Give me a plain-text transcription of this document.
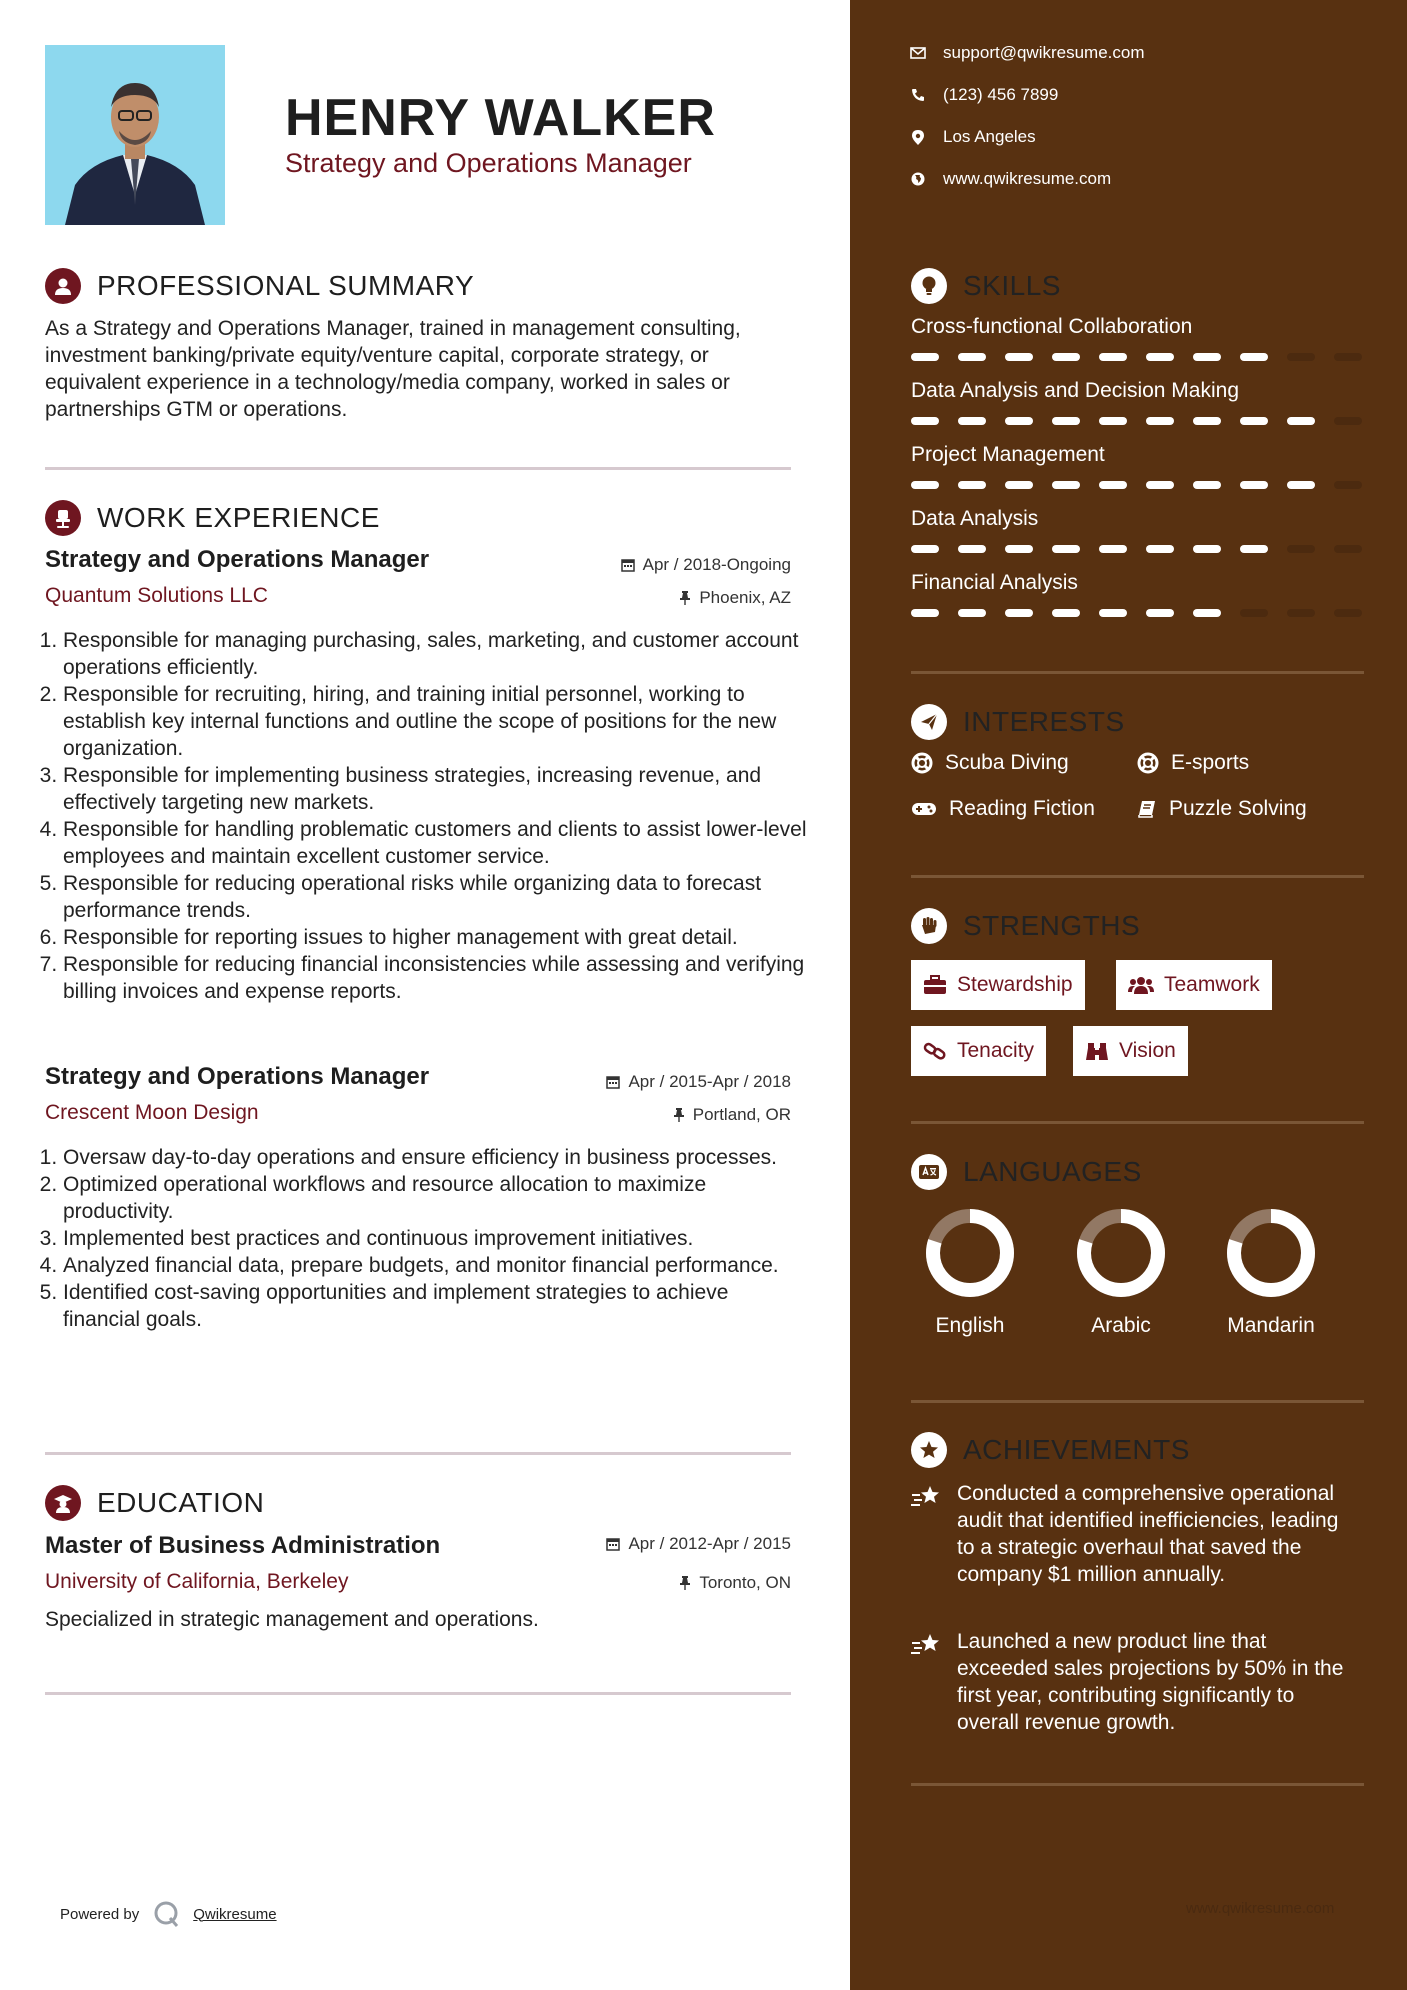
HENRY WALKER

Strategy and Operations Manager

PROFESSIONAL SUMMARY

As a Strategy and Operations Manager, trained in management consulting, investment banking/private equity/venture capital, corporate strategy, or equivalent experience in a technology/media company, worked in sales or partnerships GTM or operations.

WORK EXPERIENCE
Strategy and Operations Manager	Apr / 2018-Ongoing

Quantum Solutions LLC	Phoenix, AZ
1. Responsible for managing purchasing, sales, marketing, and customer account operations efficiently.
2. Responsible for recruiting, hiring, and training initial personnel, working to establish key internal functions and outline the scope of positions for the new organization.
3. Responsible for implementing business strategies, increasing revenue, and effectively targeting new markets.
4. Responsible for handling problematic customers and clients to assist lower-level employees and maintain excellent customer service.
5. Responsible for reducing operational risks while organizing data to forecast performance trends.
6. Responsible for reporting issues to higher management with great detail.
7. Responsible for reducing financial inconsistencies while assessing and verifying billing invoices and expense reports.
Strategy and Operations Manager	Apr / 2015-Apr / 2018

Crescent Moon Design	Portland, OR
1. Oversaw day-to-day operations and ensure efficiency in business processes.
2. Optimized operational workflows and resource allocation to maximize productivity.
3. Implemented best practices and continuous improvement initiatives.
4. Analyzed financial data, prepare budgets, and monitor financial performance.
5. Identified cost-saving opportunities and implement strategies to achieve financial goals.
EDUCATION
Master of Business Administration	Apr / 2012-Apr / 2015

University of California, Berkeley	Toronto, ON

Specialized in strategic management and operations.

Powered by	Qwikresume
support@qwikresume.com
(123) 456 7899
Los Angeles
www.qwikresume.com
SKILLS

Cross-functional Collaboration

Data Analysis and Decision Making

Project Management

Data Analysis

Financial Analysis

INTERESTS
Scuba Diving	E-sports
Reading Fiction	Puzzle Solving
STRENGTHS
Stewardship	Teamwork
Tenacity	Vision
LANGUAGES
English	Arabic	Mandarin
ACHIEVEMENTS

Conducted a comprehensive operational audit that identified inefficiencies, leading to a strategic overhaul that saved the company $1 million annually.

Launched a new product line that exceeded sales projections by 50% in the first year, contributing significantly to overall revenue growth.

www.qwikresume.com
